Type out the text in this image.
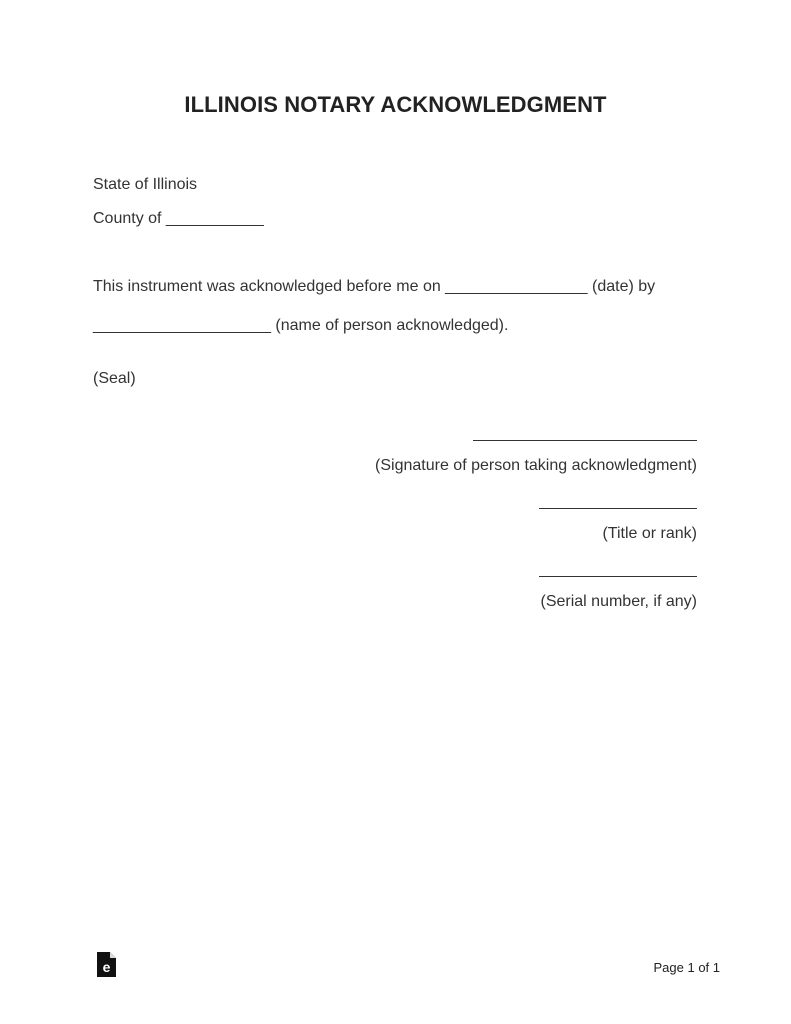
ILLINOIS NOTARY ACKNOWLEDGMENT
State of Illinois
County of ___________
This instrument was acknowledged before me on ________________ (date) by
____________________ (name of person acknowledged).
(Seal)
(Signature of person taking acknowledgment)
(Title or rank)
(Serial number, if any)
e	Page 1 of 1
